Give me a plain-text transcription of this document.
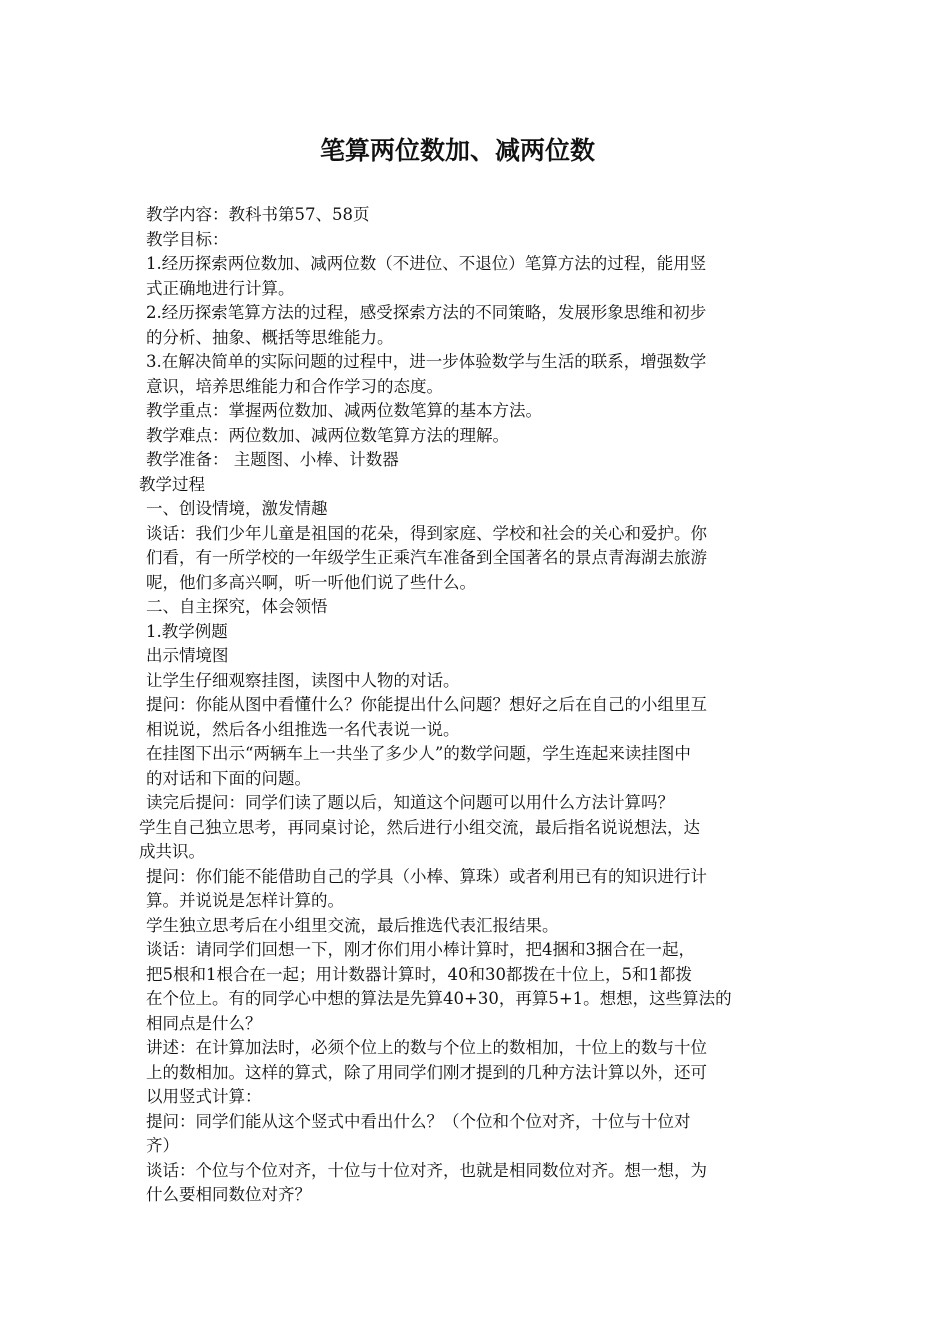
笔算两位数加、减两位数
教学内容：教科书第57、58页
教学目标：
1.经历探索两位数加、减两位数（不进位、不退位）笔算方法的过程，能用竖
式正确地进行计算。
2.经历探索笔算方法的过程，感受探索方法的不同策略，发展形象思维和初步
的分析、抽象、概括等思维能力。
3.在解决简单的实际问题的过程中，进一步体验数学与生活的联系，增强数学
意识，培养思维能力和合作学习的态度。
教学重点：掌握两位数加、减两位数笔算的基本方法。
教学难点：两位数加、减两位数笔算方法的理解。
教学准备： 主题图、小棒、计数器
教学过程
一、创设情境，激发情趣
谈话：我们少年儿童是祖国的花朵，得到家庭、学校和社会的关心和爱护。你
们看，有一所学校的一年级学生正乘汽车准备到全国著名的景点青海湖去旅游
呢，他们多高兴啊，听一听他们说了些什么。
二、自主探究，体会领悟
1.教学例题
出示情境图
让学生仔细观察挂图，读图中人物的对话。
提问：你能从图中看懂什么？你能提出什么问题？想好之后在自己的小组里互
相说说，然后各小组推选一名代表说一说。
在挂图下出示“两辆车上一共坐了多少人”的数学问题，学生连起来读挂图中
的对话和下面的问题。
读完后提问：同学们读了题以后，知道这个问题可以用什么方法计算吗？
学生自己独立思考，再同桌讨论，然后进行小组交流，最后指名说说想法，达
成共识。
提问：你们能不能借助自己的学具（小棒、算珠）或者利用已有的知识进行计
算。并说说是怎样计算的。
学生独立思考后在小组里交流，最后推选代表汇报结果。
谈话：请同学们回想一下，刚才你们用小棒计算时，把4捆和3捆合在一起，
把5根和1根合在一起；用计数器计算时，40和30都拨在十位上，5和1都拨
在个位上。有的同学心中想的算法是先算40+30，再算5+1。想想，这些算法的
相同点是什么？
讲述：在计算加法时，必须个位上的数与个位上的数相加，十位上的数与十位
上的数相加。这样的算式，除了用同学们刚才提到的几种方法计算以外，还可
以用竖式计算：
提问：同学们能从这个竖式中看出什么？（个位和个位对齐，十位与十位对
齐）
谈话：个位与个位对齐，十位与十位对齐，也就是相同数位对齐。想一想，为
什么要相同数位对齐？
